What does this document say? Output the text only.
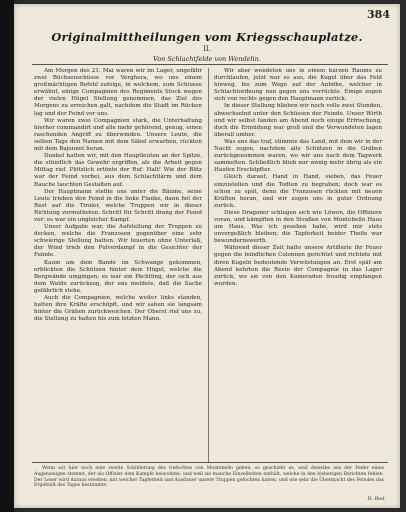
384
Originalmittheilungen vom Kriegsschauplatze.
II.
Von Schlachtfelde von Wendelin.

Am Morgen des 21. Mai waren wir im Lager, ungefähr zwei Büchsenschüsse vor Verghera, wo uns einem großmächtigen Befehl zufolge, in welchem, zum Schlusse erwähnt, einige Compagnien des Regiments Stock wegen der vielen Hügel Stellung genommen, das Ziel des Morgens zu erreichen galt, nachdem die Stadt im Rücken lag und der Feind vor uns.

Wir waren zwei Compagnien stark, die Unterhaltung hierher commandirt und alle mehr gehörend, genug, einen raschenden Angriff zu überwinden. Unsere Leute, die selben Tags den Namen mit dem Säbel erwarben, rückten mit dem Bajonnet heran.

Dunkel hatten wir, mit den Hauptleuten an der Spitze, die stündlich das Gewehr ergriffen, als die Arbeit gegen Mittag rief. Plötzlich ertönte der Ruf: Halt! Wie der Blitz war der Feind vorbei, aus dem Schlachtlärm und dem Rauche tauchten Gestalten auf.

Der Hauptmann stellte uns unter die Bäume, seine Leute trieben den Feind in die linke Flanke, dann fiel der Rest auf die Tiroler, welche Truppen wir in dieser Richtung vermutheten. Schritt für Schritt drang der Feind vor; es war ein ungleicher Kampf.

Unser Aufgabe war, die Aufstellung der Truppen zu decken, welche die Franzosen gegenüber eine sehr schwierige Stellung hatten. Wir feuerten ohne Unterlaß, der Wind trieb den Pulverdampf in die Gesichter der Feinde.

Kaum am dem Bande im Schwange gekommen, erblickten die Schützen hinter dem Hügel, welche die Bergwände umgingen; es war ein Pächtling, der sich aus dem Walde zurückzog, der uns meldete, daß die Sache gefährlich stehe.

Auch die Compagnien, welche weiter links standen, hatten ihre Kräfte erschöpft, und wir sahen sie langsam hinter die Gräben zurückweichen. Der Oberst rief uns zu, die Stellung zu halten bis zum letzten Mann.

Wir aber wendeten uns in einem kurzen Raume zu durchlaufen, jetzt war es aus, die Kugel über das Feld hinweg, bis zum Wege auf der Anhöhe, welcher in Schlachtordnung nun gegen uns vorrückte. Einige zogen sich von rechts gegen den Hauptmann zurück.

In dieser Stellung blieben wir noch volle zwei Stunden, abwechselnd unter den Schüssen der Feinde. Unser Wirth und wir selbst fanden am Abend noch einige Erfrischung, doch die Ermüdung war groß und die Verwundeten lagen überall umher.

Was uns das traf, stimmte das Land, mit dem wir in der Nacht zogen, nachdem alle Schützen in die Gräben zurückgenommen waren, wo wir uns nach dem Tagwerk sammelten. Schließlich blieb nur wenig mehr übrig als ein Haufen Erschöpfter.

Gleich darauf, Hand in Hand, sieben, das Feuer einzustellen und die Todten zu begraben; doch war es schon zu spät, denn die Franzosen rückten mit neuen Kräften heran, und wir zogen uns in guter Ordnung zurück.

Diese Dragoner schlugen sich wie Löwen, die Offiziere voran, und kämpften in den Straßen von Montebello Haus um Haus. Was ich gesehen habe, wird mir stets unvergeßlich bleiben; die Tapferkeit beider Theile war bewundernswerth.

Während dieser Zeit hatte unsere Artillerie ihr Feuer gegen die feindlichen Colonnen gerichtet und richtete mit ihren Kugeln bedeutende Verwüstungen an. Erst spät am Abend kehrten die Reste der Compagnie in das Lager zurück, wo sie von den Kameraden freudig empfangen wurden.

Wenn wir hier noch eine zweite Schilderung des Gefechtes von Montebello geben, so geschieht es, weil dieselbe aus der Feder eines Augenzeugen stammt, der als Offizier dem Kampfe beiwohnte, und weil sie manche Einzelheiten enthält, welche in den bisherigen Berichten fehlen. Der Leser wird daraus ersehen, mit welcher Tapferkeit und Ausdauer unsere Truppen gefochten haben, und wie sehr die Übermacht des Feindes das Ergebniß des Tages bestimmte.

D. Red.
